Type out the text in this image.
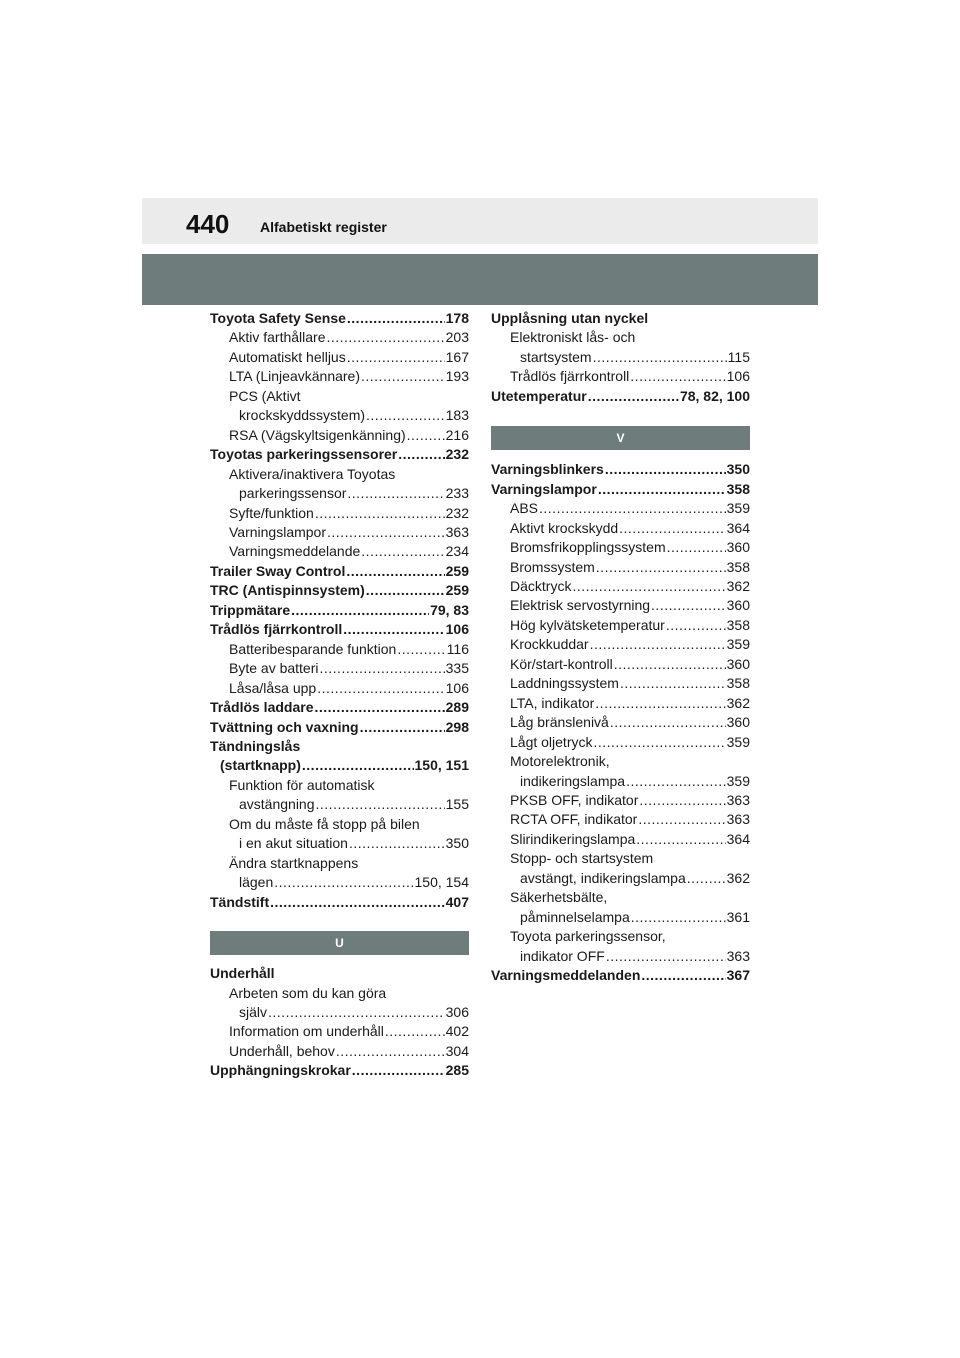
440 Alfabetiskt register
Toyota Safety Sense .....	178
Aktiv farthållare .....	203
Automatiskt helljus .....	167
LTA (Linjeavkännare) .....	193
PCS (Aktivt
krockskyddssystem) .....	183
RSA (Vägskyltsigenkänning) .....	216
Toyotas parkeringssensorer .....	232
Aktivera/inaktivera Toyotas
parkeringssensor .....	233
Syfte/funktion .....	232
Varningslampor .....	363
Varningsmeddelande .....	234
Trailer Sway Control .....	259
TRC (Antispinnsystem) .....	259
Trippmätare .....	79, 83
Trådlös fjärrkontroll .....	106
Batteribesparande funktion .....	116
Byte av batteri .....	335
Låsa/låsa upp .....	106
Trådlös laddare .....	289
Tvättning och vaxning .....	298
Tändningslås
(startknapp) .....	150, 151
Funktion för automatisk
avstängning .....	155
Om du måste få stopp på bilen
i en akut situation .....	350
Ändra startknappens
lägen .....	150, 154
Tändstift .....	407
U
Underhåll
Arbeten som du kan göra
själv .....	306
Information om underhåll .....	402
Underhåll, behov .....	304
Upphängningskrokar .....	285
Upplåsning utan nyckel
Elektroniskt lås- och
startsystem .....	115
Trådlös fjärrkontroll .....	106
Utetemperatur .....	78, 82, 100
V
Varningsblinkers .....	350
Varningslampor .....	358
ABS .....	359
Aktivt krockskydd .....	364
Bromsfrikopplingssystem .....	360
Bromssystem .....	358
Däcktryck .....	362
Elektrisk servostyrning .....	360
Hög kylvätsketemperatur .....	358
Krockkuddar .....	359
Kör/start-kontroll .....	360
Laddningssystem .....	358
LTA, indikator .....	362
Låg bränslenivå .....	360
Lågt oljetryck .....	359
Motorelektronik,
indikeringslampa .....	359
PKSB OFF, indikator .....	363
RCTA OFF, indikator .....	363
Slirindikeringslampa .....	364
Stopp- och startsystem
avstängt, indikeringslampa .....	362
Säkerhetsbälte,
påminnelselampa .....	361
Toyota parkeringssensor,
indikator OFF .....	363
Varningsmeddelanden .....	367
